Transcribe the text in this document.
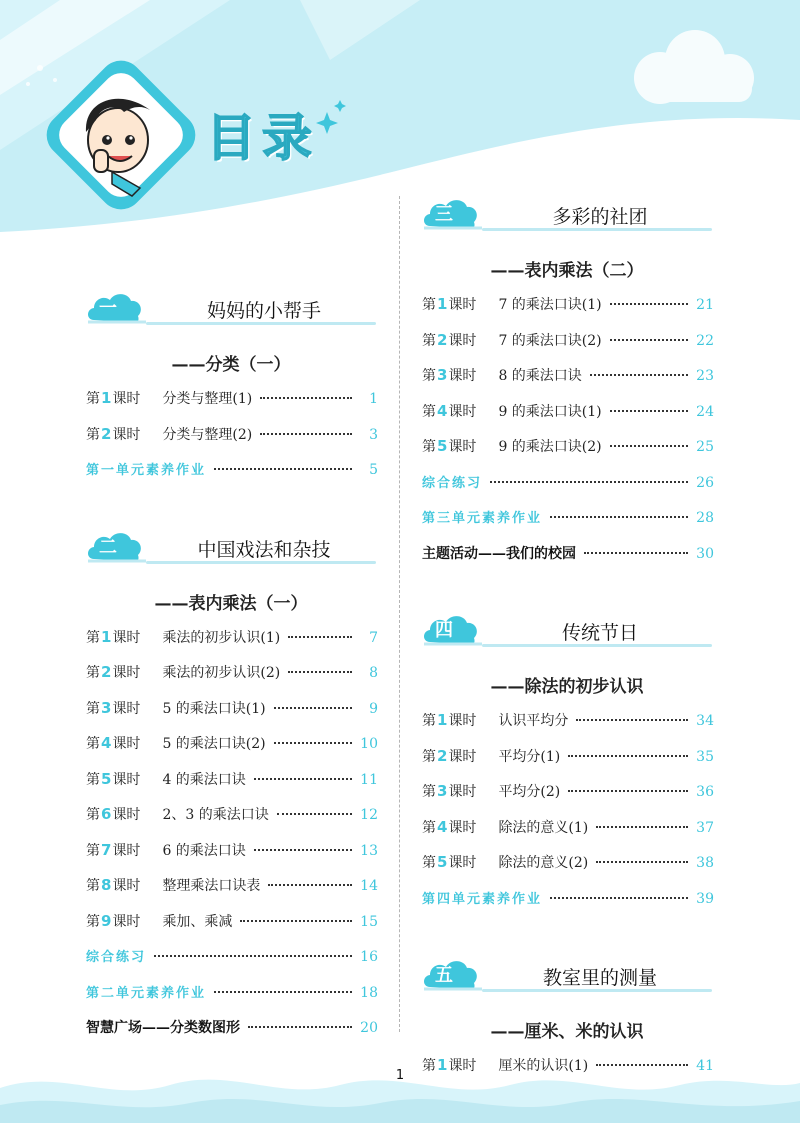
目录
一	妈妈的小帮手
——分类（一）
第 1 课时 分类与整理(1)	1
第 2 课时 分类与整理(2)	3
第一单元素养作业	5
二	中国戏法和杂技
——表内乘法（一）
第 1 课时 乘法的初步认识(1)	7
第 2 课时 乘法的初步认识(2)	8
第 3 课时 5 的乘法口诀(1)	9
第 4 课时 5 的乘法口诀(2)	10
第 5 课时 4 的乘法口诀	11
第 6 课时 2、3 的乘法口诀	12
第 7 课时 6 的乘法口诀	13
第 8 课时 整理乘法口诀表	14
第 9 课时 乘加、乘减	15
综合练习	16
第二单元素养作业	18
智慧广场——分类数图形	20
三	多彩的社团
——表内乘法（二）
第 1 课时 7 的乘法口诀(1)	21
第 2 课时 7 的乘法口诀(2)	22
第 3 课时 8 的乘法口诀	23
第 4 课时 9 的乘法口诀(1)	24
第 5 课时 9 的乘法口诀(2)	25
综合练习	26
第三单元素养作业	28
主题活动——我们的校园	30
四	传统节日
——除法的初步认识
第 1 课时 认识平均分	34
第 2 课时 平均分(1)	35
第 3 课时 平均分(2)	36
第 4 课时 除法的意义(1)	37
第 5 课时 除法的意义(2)	38
第四单元素养作业	39
五	教室里的测量
——厘米、米的认识
第 1 课时 厘米的认识(1)	41
1
